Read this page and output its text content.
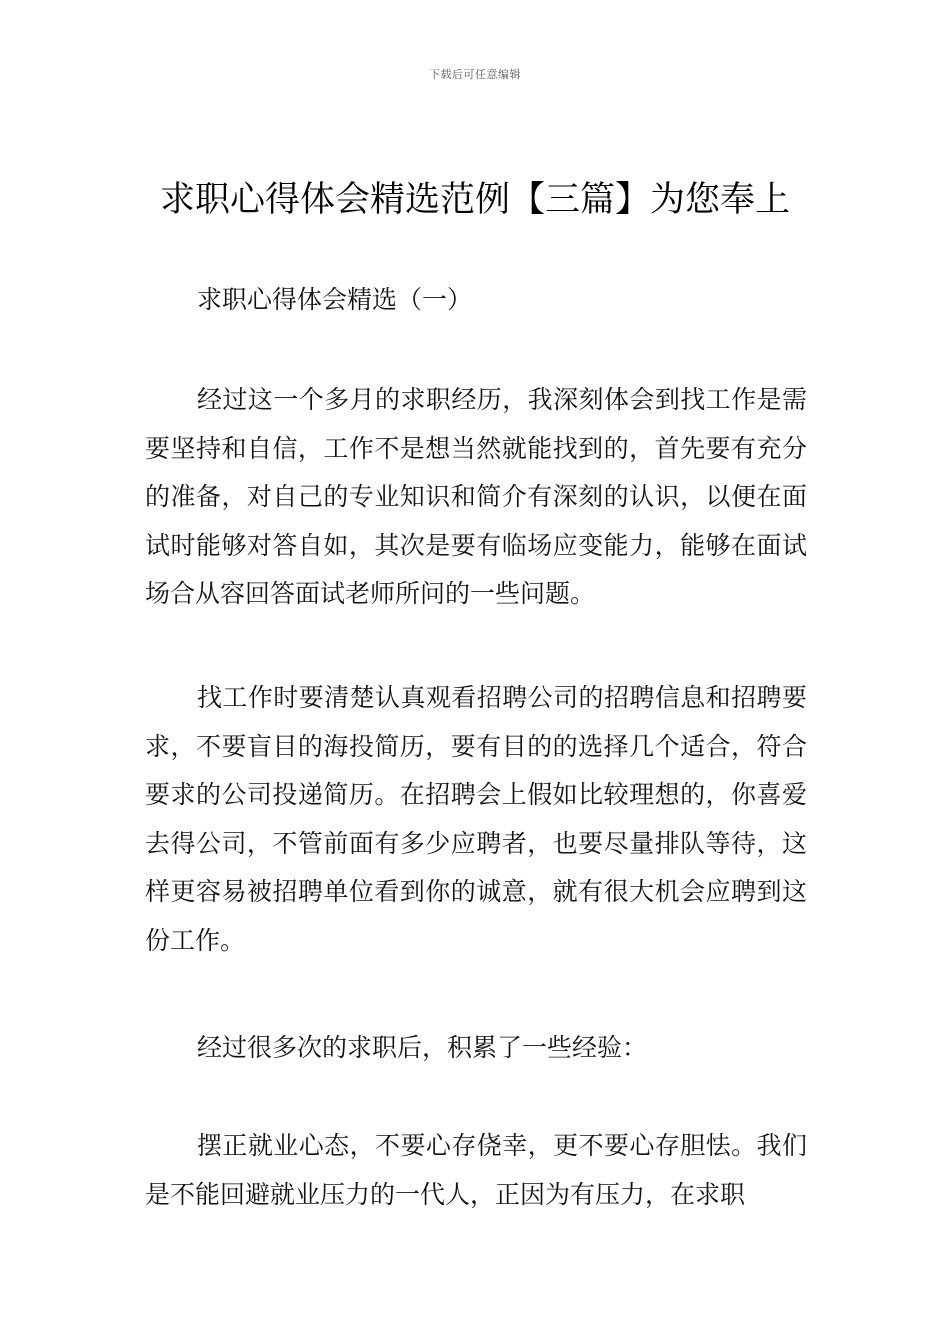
下载后可任意编辑
求职心得体会精选范例【三篇】为您奉上

求职心得体会精选（一）

经过这一个多月的求职经历，我深刻体会到找工作是需要坚持和自信，工作不是想当然就能找到的，首先要有充分的准备，对自己的专业知识和简介有深刻的认识，以便在面试时能够对答自如，其次是要有临场应变能力，能够在面试场合从容回答面试老师所问的一些问题。

找工作时要清楚认真观看招聘公司的招聘信息和招聘要求，不要盲目的海投简历，要有目的的选择几个适合，符合要求的公司投递简历。在招聘会上假如比较理想的，你喜爱去得公司，不管前面有多少应聘者，也要尽量排队等待，这样更容易被招聘单位看到你的诚意，就有很大机会应聘到这份工作。

经过很多次的求职后，积累了一些经验：

摆正就业心态，不要心存侥幸，更不要心存胆怯。我们是不能回避就业压力的一代人，正因为有压力，在求职
